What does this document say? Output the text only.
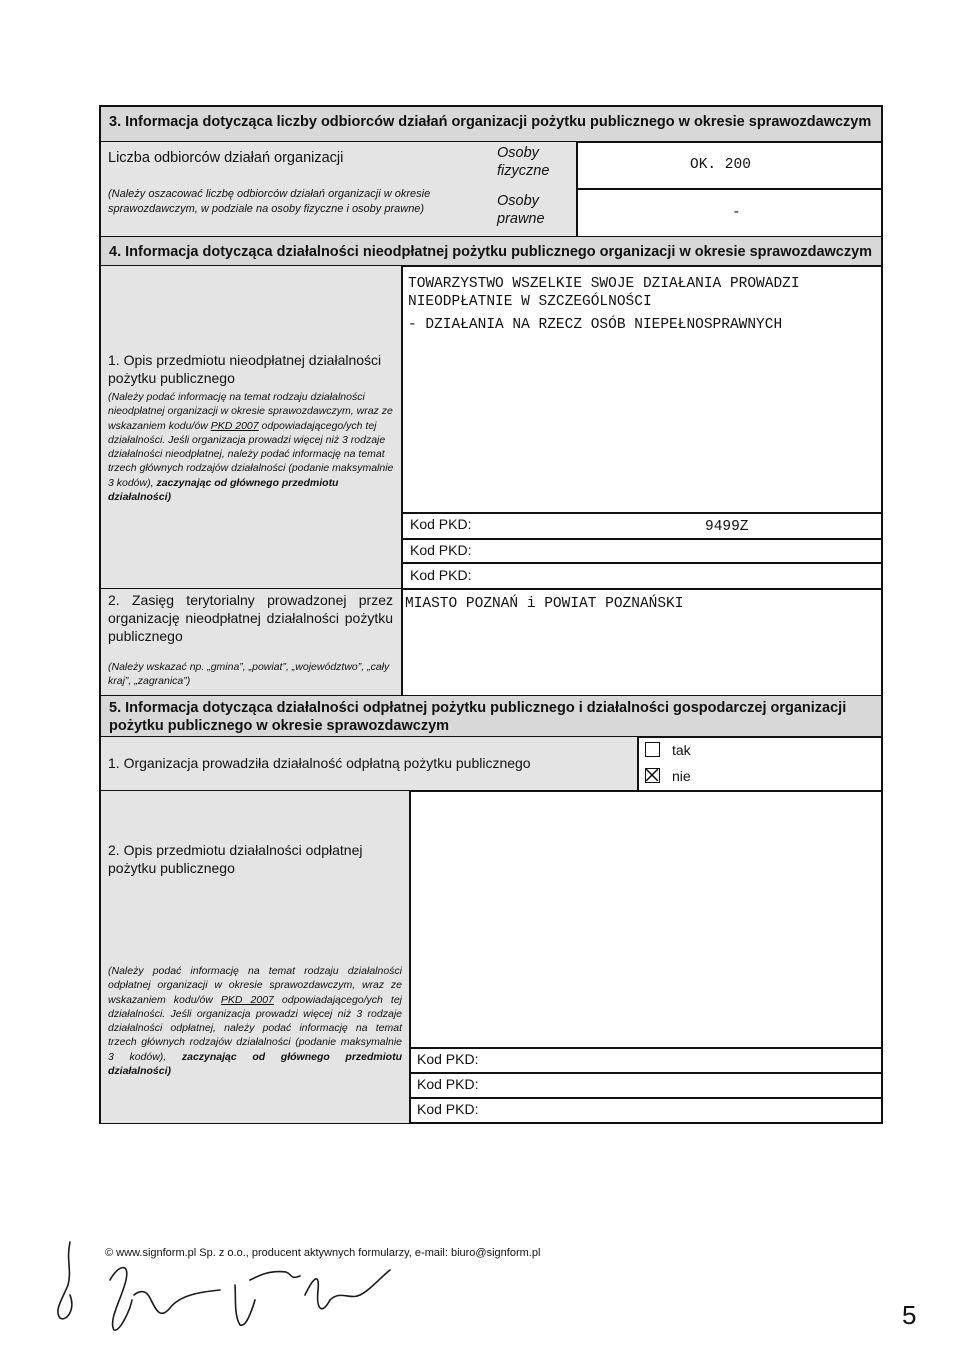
3. Informacja dotycząca liczby odbiorców działań organizacji pożytku publicznego w okresie sprawozdawczym
Liczba odbiorców działań organizacji
(Należy oszacować liczbę odbiorców działań organizacji w okresie sprawozdawczym, w podziale na osoby fizyczne i osoby prawne)
Osoby fizyczne
Osoby prawne
OK. 200
-
4. Informacja dotycząca działalności nieodpłatnej pożytku publicznego organizacji w okresie sprawozdawczym
1. Opis przedmiotu nieodpłatnej działalności pożytku publicznego
(Należy podać informację na temat rodzaju działalności nieodpłatnej organizacji w okresie sprawozdawczym, wraz ze wskazaniem kodu/ów PKD 2007 odpowiadającego/ych tej działalności. Jeśli organizacja prowadzi więcej niż 3 rodzaje działalności nieodpłatnej, należy podać informację na temat trzech głównych rodzajów działalności (podanie maksymalnie 3 kodów), zaczynając od głównego przedmiotu działalności)
TOWARZYSTWO WSZELKIE SWOJE DZIAŁANIA PROWADZI
NIEODPŁATNIE W SZCZEGÓLNOŚCI
- DZIAŁANIA NA RZECZ OSÓB NIEPEŁNOSPRAWNYCH
Kod PKD:	9499Z
Kod PKD:
Kod PKD:
2. Zasięg terytorialny prowadzonej przez organizację nieodpłatnej działalności pożytku publicznego
(Należy wskazać np. „gmina”, „powiat”, „województwo”, „cały kraj”, „zagranica”)
MIASTO POZNAŃ i POWIAT POZNAŃSKI
5. Informacja dotycząca działalności odpłatnej pożytku publicznego i działalności gospodarczej organizacji pożytku publicznego w okresie sprawozdawczym
1. Organizacja prowadziła działalność odpłatną pożytku publicznego
tak
nie
2. Opis przedmiotu działalności odpłatnej pożytku publicznego
(Należy podać informację na temat rodzaju działalności odpłatnej organizacji w okresie sprawozdawczym, wraz ze wskazaniem kodu/ów PKD 2007 odpowiadającego/ych tej działalności. Jeśli organizacja prowadzi więcej niż 3 rodzaje działalności odpłatnej, należy podać informację na temat trzech głównych rodzajów działalności (podanie maksymalnie 3 kodów), zaczynając od głównego przedmiotu działalności)
Kod PKD:
Kod PKD:
Kod PKD:
© www.signform.pl Sp. z o.o., producent aktywnych formularzy, e-mail: biuro@signform.pl
5
